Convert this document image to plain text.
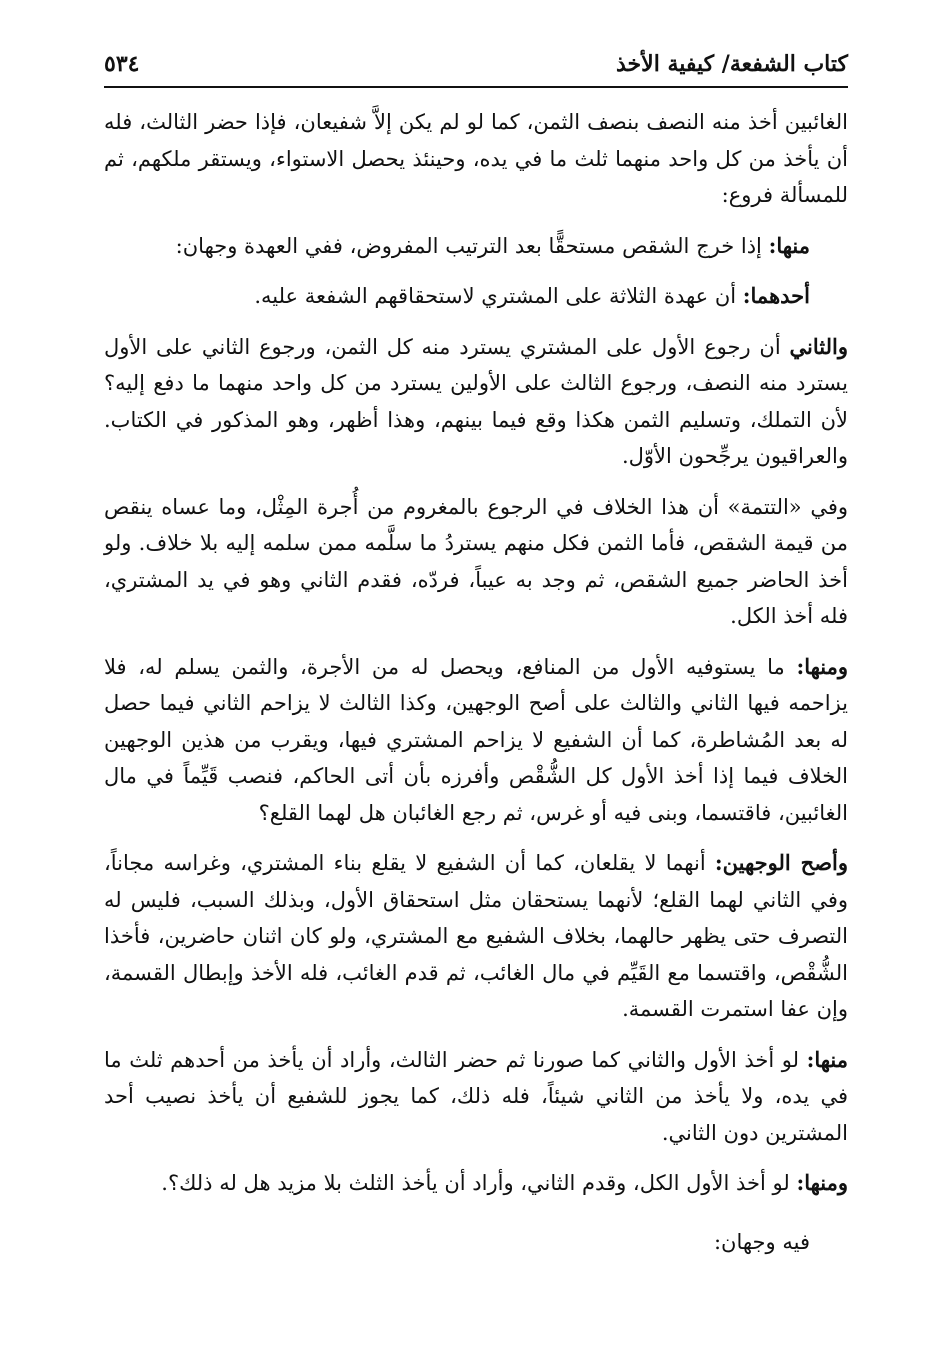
كتاب الشفعة/ كيفية الأخذ
٥٣٤

الغائبين أخذ منه النصف بنصف الثمن، كما لو لم يكن إلاَّ شفيعان، فإذا حضر الثالث، فله أن يأخذ من كل واحد منهما ثلث ما في يده، وحينئذ يحصل الاستواء، ويستقر ملكهم، ثم للمسألة فروع:

منها: إذا خرج الشقص مستحقًّا بعد الترتيب المفروض، ففي العهدة وجهان:

أحدهما: أن عهدة الثلاثة على المشتري لاستحقاقهم الشفعة عليه.

والثاني أن رجوع الأول على المشتري يسترد منه كل الثمن، ورجوع الثاني على الأول يسترد منه النصف، ورجوع الثالث على الأولين يسترد من كل واحد منهما ما دفع إليه؟ لأن التملك، وتسليم الثمن هكذا وقع فيما بينهم، وهذا أظهر، وهو المذكور في الكتاب. والعراقيون يرجِّحون الأوّل.

وفي «التتمة» أن هذا الخلاف في الرجوع بالمغروم من أُجرة المِثْل، وما عساه ينقص من قيمة الشقص، فأما الثمن فكل منهم يستردُ ما سلَّمه ممن سلمه إليه بلا خلاف. ولو أخذ الحاضر جميع الشقص، ثم وجد به عيباً، فردّه، فقدم الثاني وهو في يد المشتري، فله أخذ الكل.

ومنها: ما يستوفيه الأول من المنافع، ويحصل له من الأجرة، والثمن يسلم له، فلا يزاحمه فيها الثاني والثالث على أصح الوجهين، وكذا الثالث لا يزاحم الثاني فيما حصل له بعد المُشاطرة، كما أن الشفيع لا يزاحم المشتري فيها، ويقرب من هذين الوجهين الخلاف فيما إذا أخذ الأول كل الشُّقْص وأفرزه بأن أتى الحاكم، فنصب قَيِّماً في مال الغائبين، فاقتسما، وبنى فيه أو غرس، ثم رجع الغائبان هل لهما القلع؟

وأصح الوجهين: أنهما لا يقلعان، كما أن الشفيع لا يقلع بناء المشتري، وغراسه مجاناً، وفي الثاني لهما القلع؛ لأنهما يستحقان مثل استحقاق الأول، وبذلك السبب، فليس له التصرف حتى يظهر حالهما، بخلاف الشفيع مع المشتري، ولو كان اثنان حاضرين، فأخذا الشُّقْص، واقتسما مع القَيِّم في مال الغائب، ثم قدم الغائب، فله الأخذ وإبطال القسمة، وإن عفا استمرت القسمة.

منها: لو أخذ الأول والثاني كما صورنا ثم حضر الثالث، وأراد أن يأخذ من أحدهم ثلث ما في يده، ولا يأخذ من الثاني شيئاً، فله ذلك، كما يجوز للشفيع أن يأخذ نصيب أحد المشترين دون الثاني.

ومنها: لو أخذ الأول الكل، وقدم الثاني، وأراد أن يأخذ الثلث بلا مزيد هل له ذلك؟.

فيه وجهان:
